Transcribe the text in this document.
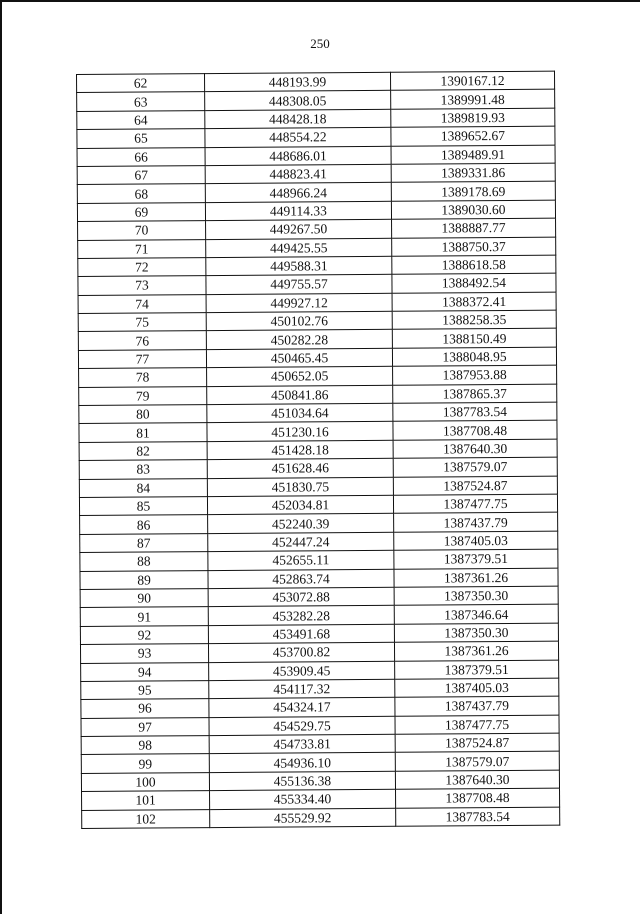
250
62	448193.99	1390167.12
63	448308.05	1389991.48
64	448428.18	1389819.93
65	448554.22	1389652.67
66	448686.01	1389489.91
67	448823.41	1389331.86
68	448966.24	1389178.69
69	449114.33	1389030.60
70	449267.50	1388887.77
71	449425.55	1388750.37
72	449588.31	1388618.58
73	449755.57	1388492.54
74	449927.12	1388372.41
75	450102.76	1388258.35
76	450282.28	1388150.49
77	450465.45	1388048.95
78	450652.05	1387953.88
79	450841.86	1387865.37
80	451034.64	1387783.54
81	451230.16	1387708.48
82	451428.18	1387640.30
83	451628.46	1387579.07
84	451830.75	1387524.87
85	452034.81	1387477.75
86	452240.39	1387437.79
87	452447.24	1387405.03
88	452655.11	1387379.51
89	452863.74	1387361.26
90	453072.88	1387350.30
91	453282.28	1387346.64
92	453491.68	1387350.30
93	453700.82	1387361.26
94	453909.45	1387379.51
95	454117.32	1387405.03
96	454324.17	1387437.79
97	454529.75	1387477.75
98	454733.81	1387524.87
99	454936.10	1387579.07
100	455136.38	1387640.30
101	455334.40	1387708.48
102	455529.92	1387783.54
